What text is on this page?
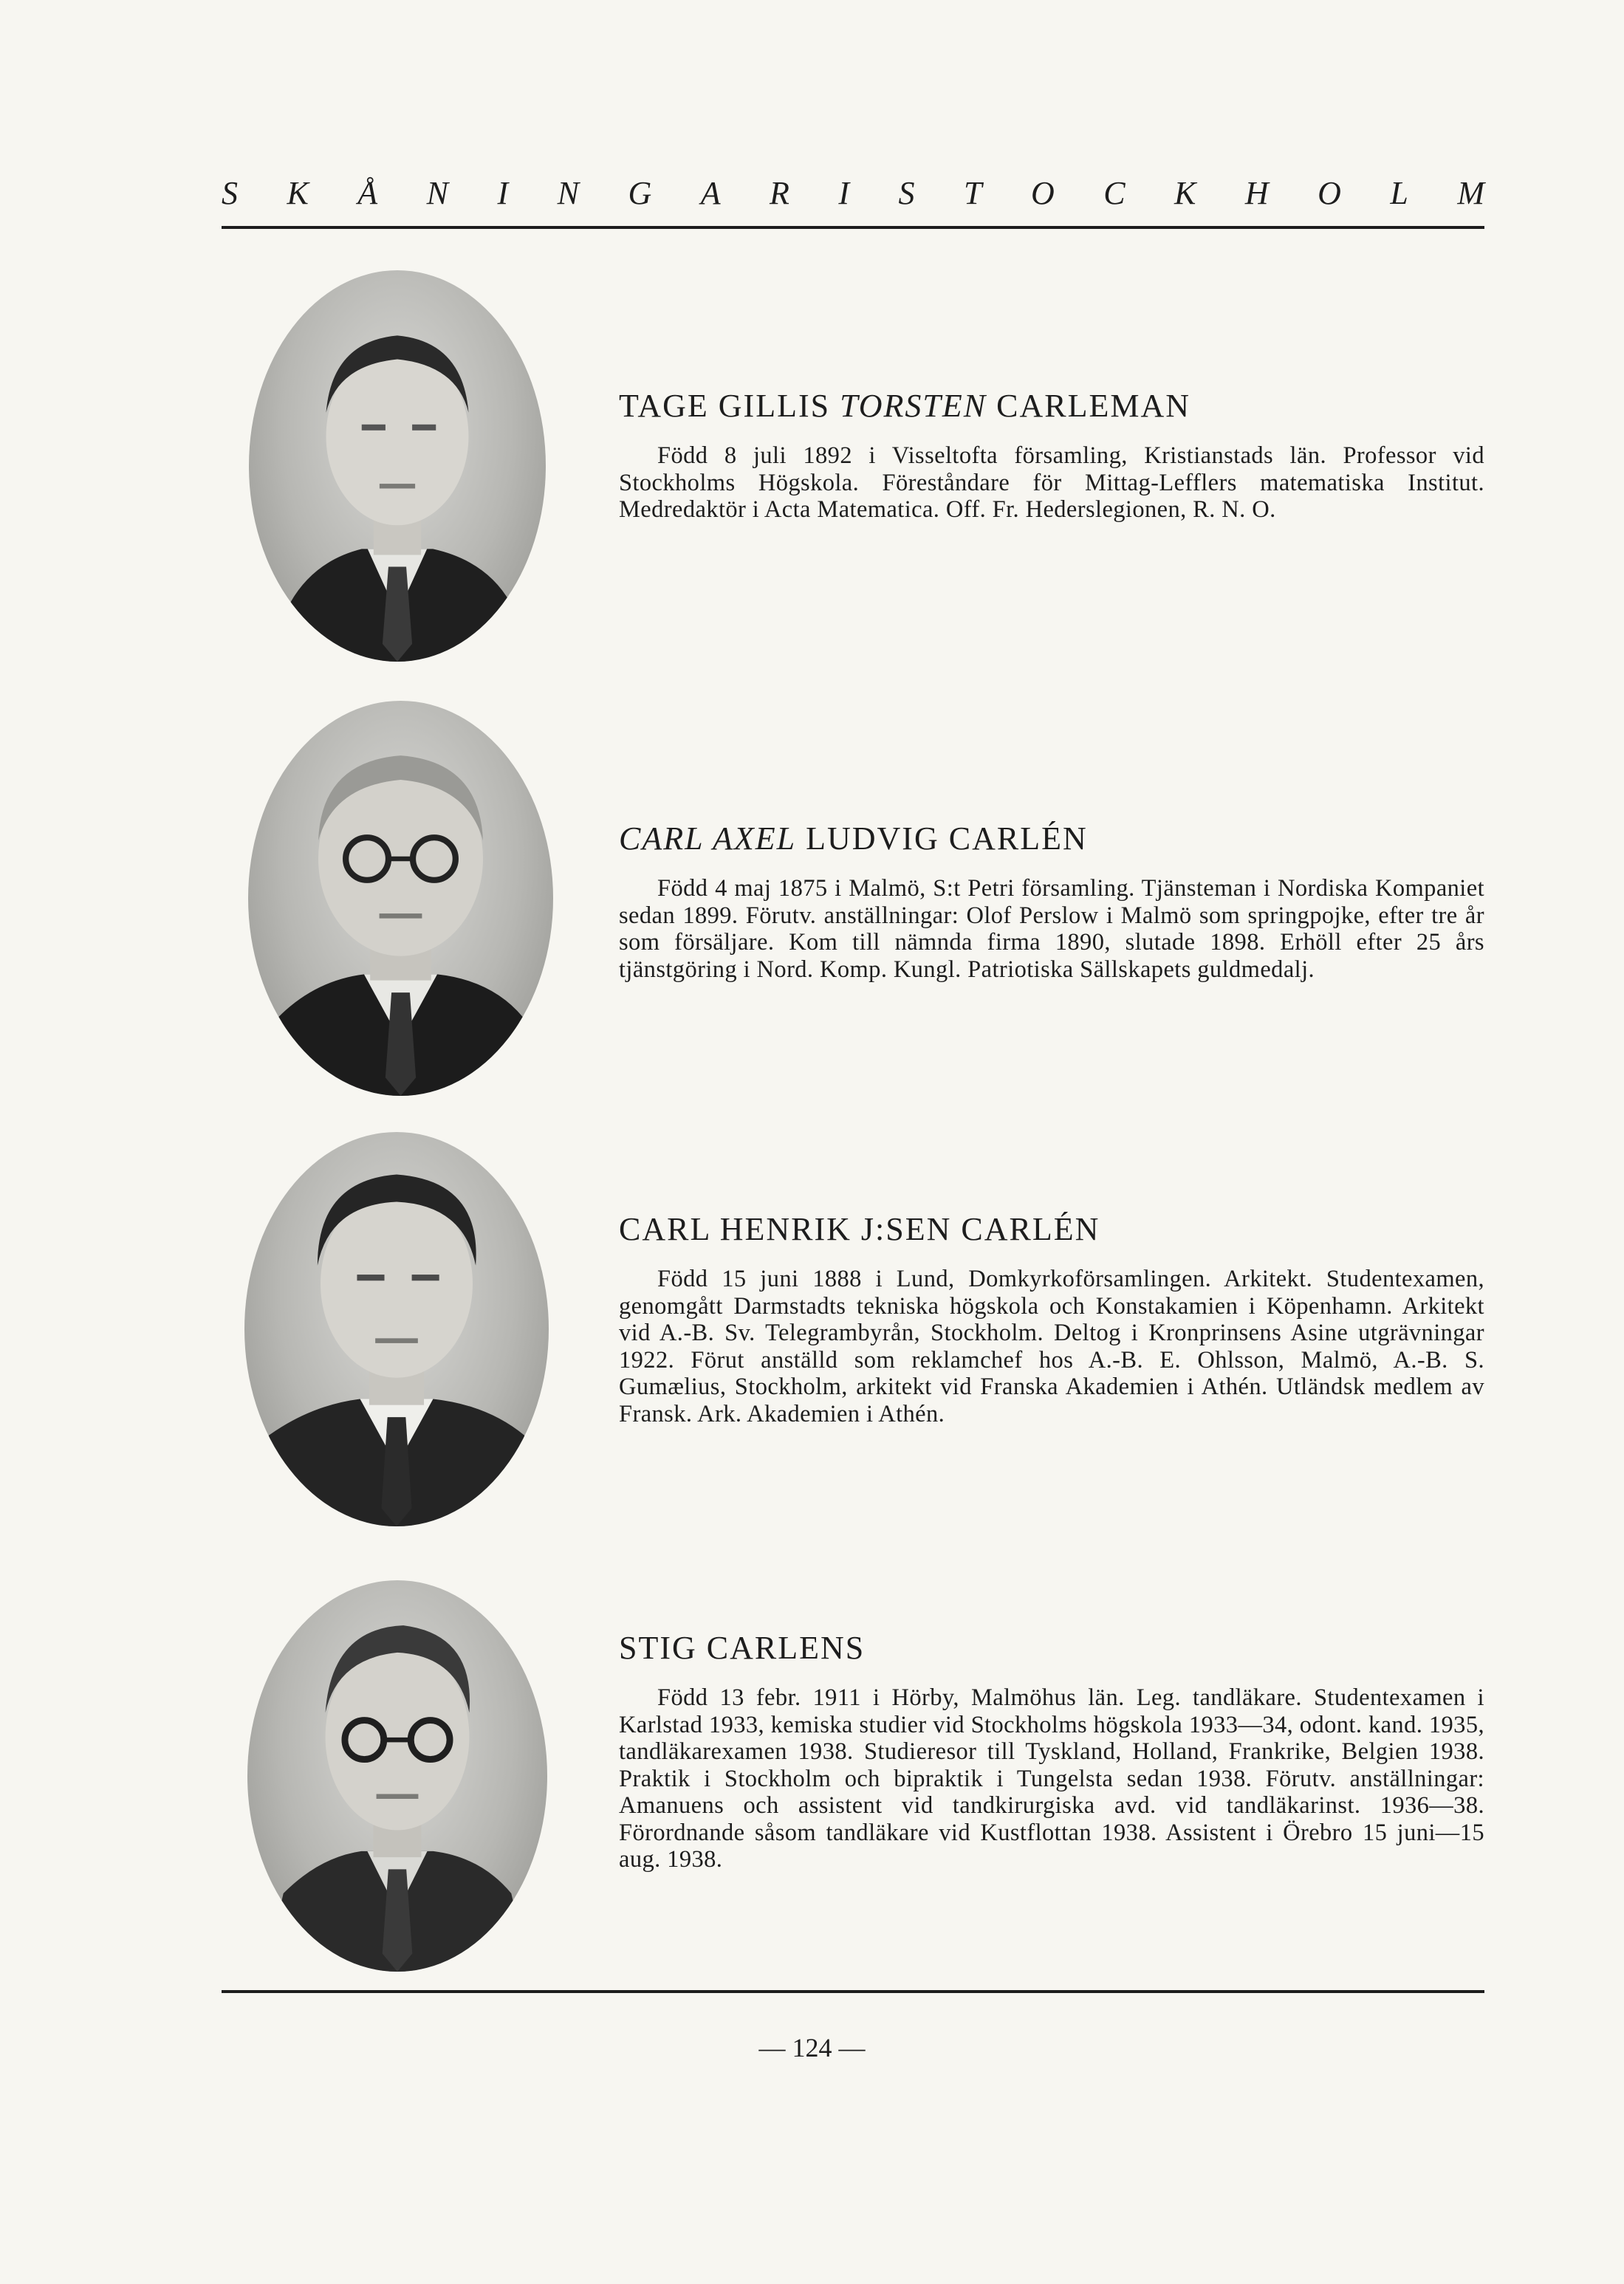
S K Å N I N G A R I S T O C K H O L M
TAGE GILLIS TORSTEN CARLEMAN

Född 8 juli 1892 i Visseltofta församling, Kristianstads län. Professor vid Stockholms Högskola. Föreståndare för Mittag-Lefflers matematiska Institut. Medredaktör i Acta Matematica. Off. Fr. Hederslegionen, R. N. O.

CARL AXEL LUDVIG CARLÉN

Född 4 maj 1875 i Malmö, S:t Petri församling. Tjänsteman i Nordiska Kompaniet sedan 1899. Förutv. anställningar: Olof Perslow i Malmö som springpojke, efter tre år som försäljare. Kom till nämnda firma 1890, slutade 1898. Erhöll efter 25 års tjänstgöring i Nord. Komp. Kungl. Patriotiska Sällskapets guldmedalj.

CARL HENRIK J:SEN CARLÉN

Född 15 juni 1888 i Lund, Domkyrkoförsamlingen. Arkitekt. Studentexamen, genomgått Darmstadts tekniska högskola och Konstakamien i Köpenhamn. Arkitekt vid A.-B. Sv. Telegrambyrån, Stockholm. Deltog i Kronprinsens Asine utgrävningar 1922. Förut anställd som reklamchef hos A.-B. E. Ohlsson, Malmö, A.-B. S. Gumælius, Stockholm, arkitekt vid Franska Akademien i Athén. Utländsk medlem av Fransk. Ark. Akademien i Athén.

STIG CARLENS

Född 13 febr. 1911 i Hörby, Malmöhus län. Leg. tandläkare. Studentexamen i Karlstad 1933, kemiska studier vid Stockholms högskola 1933—34, odont. kand. 1935, tandläkarexamen 1938. Studieresor till Tyskland, Holland, Frankrike, Belgien 1938. Praktik i Stockholm och bipraktik i Tungelsta sedan 1938. Förutv. anställningar: Amanuens och assistent vid tandkirurgiska avd. vid tandläkarinst. 1936—38. Förordnande såsom tandläkare vid Kustflottan 1938. Assistent i Örebro 15 juni—15 aug. 1938.

— 124 —
